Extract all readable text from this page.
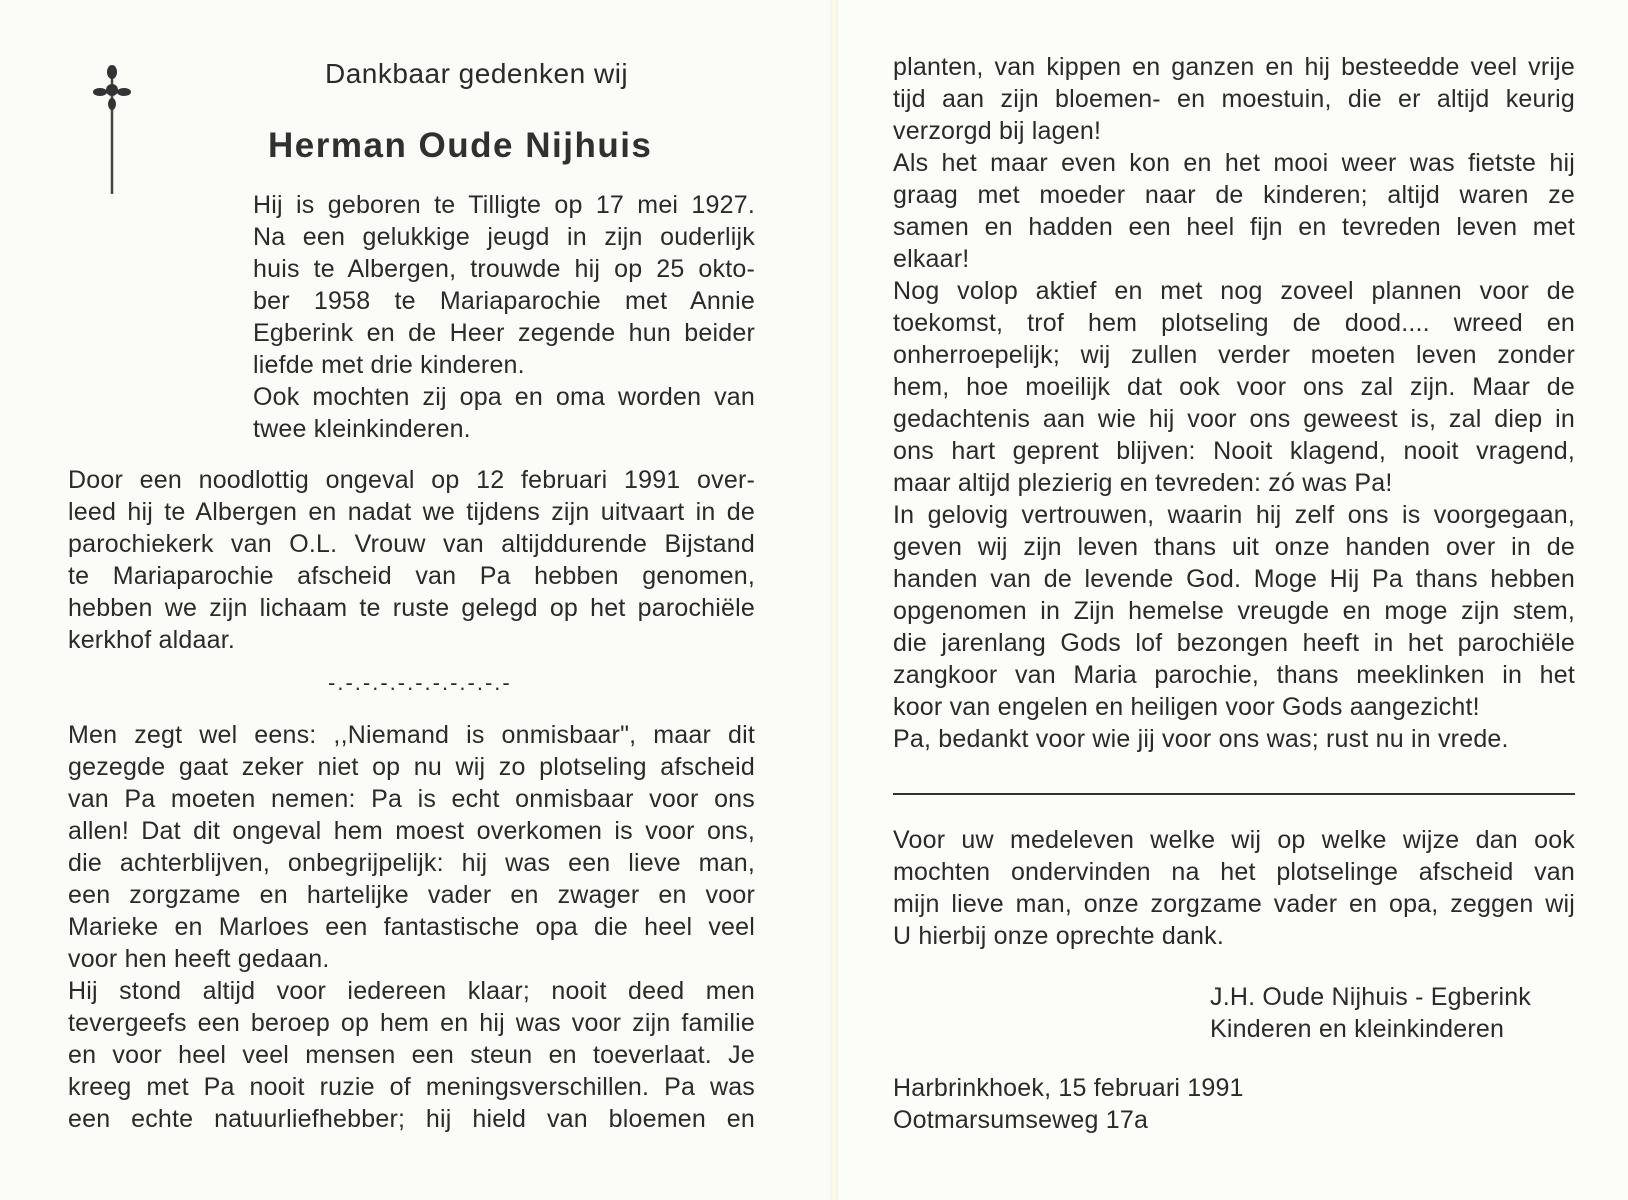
Dankbaar gedenken wij
Herman Oude Nijhuis
Hij is geboren te Tilligte op 17 mei 1927.
Na een gelukkige jeugd in zijn ouderlijk
huis te Albergen, trouwde hij op 25 okto-
ber 1958 te Mariaparochie met Annie
Egberink en de Heer zegende hun beider
liefde met drie kinderen.
Ook mochten zij opa en oma worden van
twee kleinkinderen.
Door een noodlottig ongeval op 12 februari 1991 over-
leed hij te Albergen en nadat we tijdens zijn uitvaart in de
parochiekerk van O.L. Vrouw van altijddurende Bijstand
te Mariaparochie afscheid van Pa hebben genomen,
hebben we zijn lichaam te ruste gelegd op het parochiële
kerkhof aldaar.
-.-.-.-.-.-.-.-.-.-.-
Men zegt wel eens: ,,Niemand is onmisbaar", maar dit
gezegde gaat zeker niet op nu wij zo plotseling afscheid
van Pa moeten nemen: Pa is echt onmisbaar voor ons
allen! Dat dit ongeval hem moest overkomen is voor ons,
die achterblijven, onbegrijpelijk: hij was een lieve man,
een zorgzame en hartelijke vader en zwager en voor
Marieke en Marloes een fantastische opa die heel veel
voor hen heeft gedaan.
Hij stond altijd voor iedereen klaar; nooit deed men
tevergeefs een beroep op hem en hij was voor zijn familie
en voor heel veel mensen een steun en toeverlaat. Je
kreeg met Pa nooit ruzie of meningsverschillen. Pa was
een echte natuurliefhebber; hij hield van bloemen en
planten, van kippen en ganzen en hij besteedde veel vrije
tijd aan zijn bloemen- en moestuin, die er altijd keurig
verzorgd bij lagen!
Als het maar even kon en het mooi weer was fietste hij
graag met moeder naar de kinderen; altijd waren ze
samen en hadden een heel fijn en tevreden leven met
elkaar!
Nog volop aktief en met nog zoveel plannen voor de
toekomst, trof hem plotseling de dood.... wreed en
onherroepelijk; wij zullen verder moeten leven zonder
hem, hoe moeilijk dat ook voor ons zal zijn. Maar de
gedachtenis aan wie hij voor ons geweest is, zal diep in
ons hart geprent blijven: Nooit klagend, nooit vragend,
maar altijd plezierig en tevreden: zó was Pa!
In gelovig vertrouwen, waarin hij zelf ons is voorgegaan,
geven wij zijn leven thans uit onze handen over in de
handen van de levende God. Moge Hij Pa thans hebben
opgenomen in Zijn hemelse vreugde en moge zijn stem,
die jarenlang Gods lof bezongen heeft in het parochiële
zangkoor van Maria parochie, thans meeklinken in het
koor van engelen en heiligen voor Gods aangezicht!
Pa, bedankt voor wie jij voor ons was; rust nu in vrede.
Voor uw medeleven welke wij op welke wijze dan ook
mochten ondervinden na het plotselinge afscheid van
mijn lieve man, onze zorgzame vader en opa, zeggen wij
U hierbij onze oprechte dank.
J.H. Oude Nijhuis - Egberink
Kinderen en kleinkinderen
Harbrinkhoek, 15 februari 1991
Ootmarsumseweg 17a
